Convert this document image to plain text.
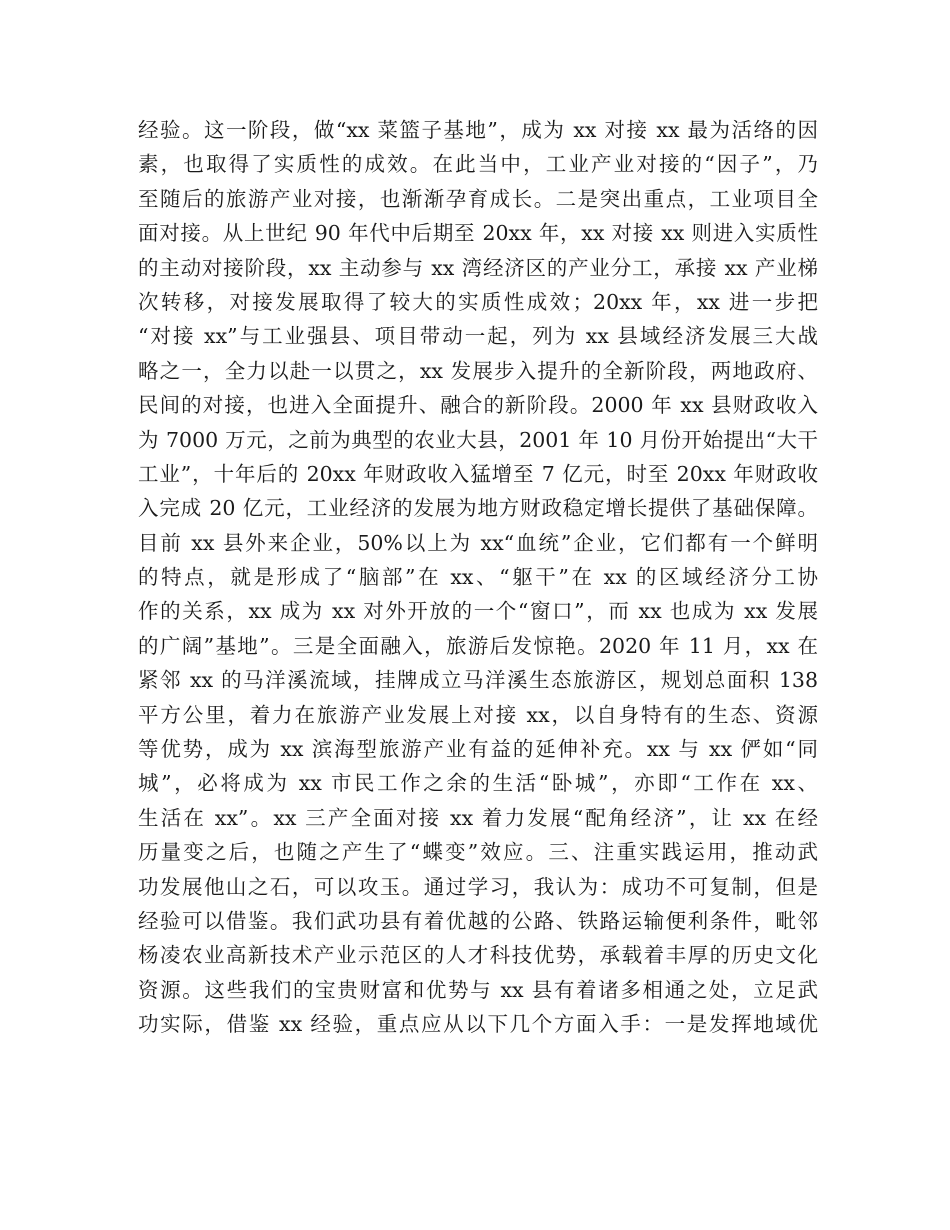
经验。这一阶段，做“xx 菜篮子基地”，成为 xx 对接 xx 最为活络的因
素，也取得了实质性的成效。在此当中，工业产业对接的“因子”，乃
至随后的旅游产业对接，也渐渐孕育成长。二是突出重点，工业项目全
面对接。从上世纪 90 年代中后期至 20xx 年，xx 对接 xx 则进入实质性
的主动对接阶段，xx 主动参与 xx 湾经济区的产业分工，承接 xx 产业梯
次转移，对接发展取得了较大的实质性成效；20xx 年，xx 进一步把
“对接 xx”与工业强县、项目带动一起，列为 xx 县域经济发展三大战
略之一，全力以赴一以贯之，xx 发展步入提升的全新阶段，两地政府、
民间的对接，也进入全面提升、融合的新阶段。2000 年 xx 县财政收入
为 7000 万元，之前为典型的农业大县，2001 年 10 月份开始提出“大干
工业”，十年后的 20xx 年财政收入猛增至 7 亿元，时至 20xx 年财政收
入完成 20 亿元，工业经济的发展为地方财政稳定增长提供了基础保障。
目前 xx 县外来企业，50%以上为 xx“血统”企业，它们都有一个鲜明
的特点，就是形成了“脑部”在 xx、“躯干”在 xx 的区域经济分工协
作的关系，xx 成为 xx 对外开放的一个“窗口”，而 xx 也成为 xx 发展
的广阔”基地”。三是全面融入，旅游后发惊艳。2020 年 11 月，xx 在
紧邻 xx 的马洋溪流域，挂牌成立马洋溪生态旅游区，规划总面积 138
平方公里，着力在旅游产业发展上对接 xx，以自身特有的生态、资源
等优势，成为 xx 滨海型旅游产业有益的延伸补充。xx 与 xx 俨如“同
城”，必将成为 xx 市民工作之余的生活“卧城”，亦即“工作在 xx、
生活在 xx”。xx 三产全面对接 xx 着力发展“配角经济”，让 xx 在经
历量变之后，也随之产生了“蝶变”效应。三、注重实践运用，推动武
功发展他山之石，可以攻玉。通过学习，我认为：成功不可复制，但是
经验可以借鉴。我们武功县有着优越的公路、铁路运输便利条件，毗邻
杨凌农业高新技术产业示范区的人才科技优势，承载着丰厚的历史文化
资源。这些我们的宝贵财富和优势与 xx 县有着诸多相通之处，立足武
功实际，借鉴 xx 经验，重点应从以下几个方面入手：一是发挥地域优
